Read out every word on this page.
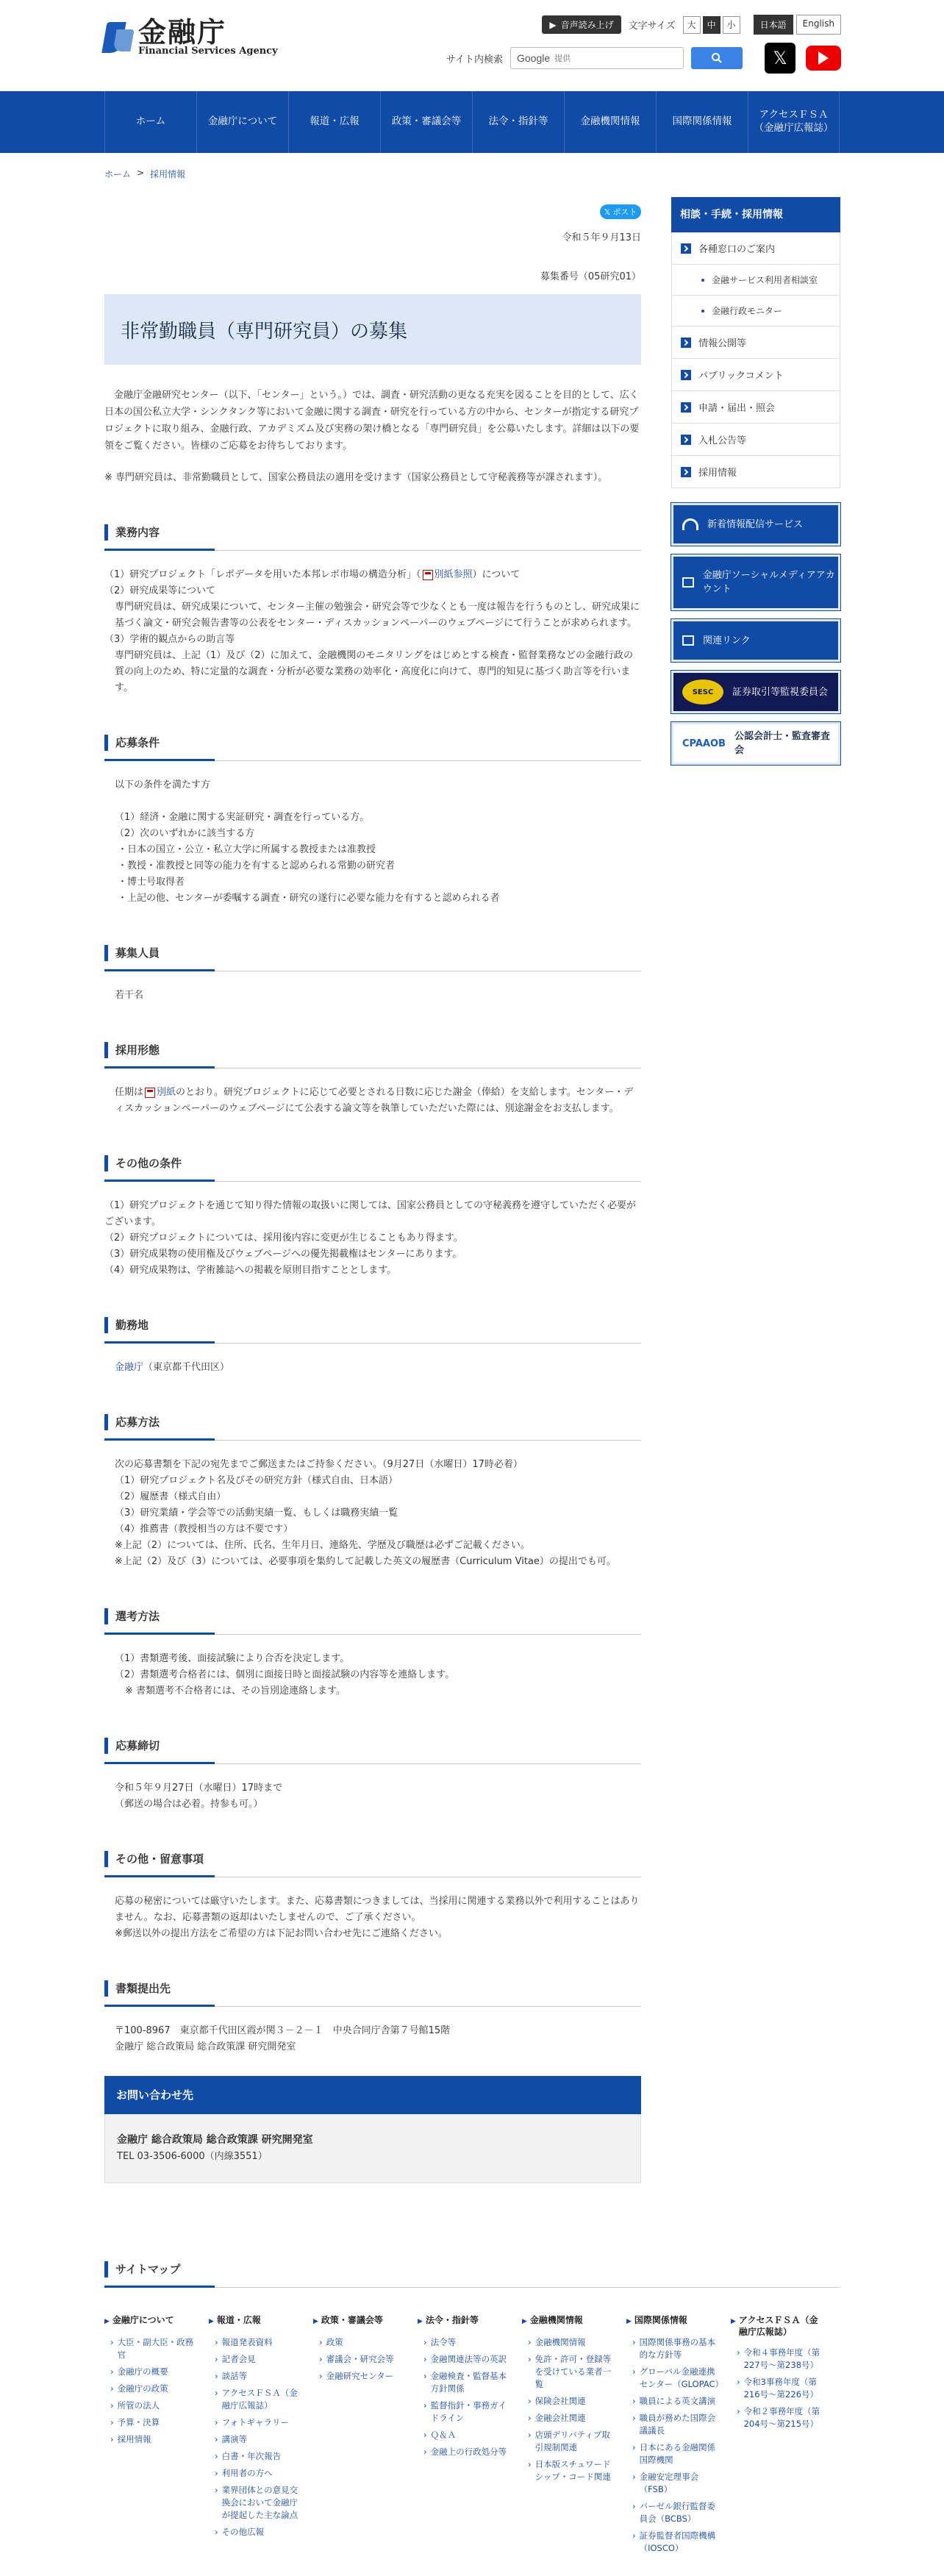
金融庁
Financial Services Agency
▶ 音声読み上げ 文字サイズ	大	中	小	日本語	English
サイト内検索 Google
提供	𝕏
ホーム	金融庁について	報道・広報	政策・審議会等	法令・指針等	金融機関情報	国際関係情報
アクセスＦＳＡ
（金融庁広報誌）
ホーム > 採用情報
𝕏 ポスト
令和５年９月13日
募集番号（05研究01）
非常勤職員（専門研究員）の募集

金融庁金融研究センター（以下、「センター」という。）では、調査・研究活動の更なる充実を図ることを目的として、広く日本の国公私立大学・シンクタンク等において金融に関する調査・研究を行っている方の中から、センターが指定する研究プロジェクトに取り組み、金融行政、アカデミズム及び実務の架け橋となる「専門研究員」を公募いたします。詳細は以下の要領をご覧ください。皆様のご応募をお待ちしております。

※ 専門研究員は、非常勤職員として、国家公務員法の適用を受けます（国家公務員として守秘義務等が課されます）。

業務内容

（1）研究プロジェクト「レポデータを用いた本邦レポ市場の構造分析」（ 別紙参照）について

（2）研究成果等について

専門研究員は、研究成果について、センター主催の勉強会・研究会等で少なくとも一度は報告を行うものとし、研究成果に基づく論文・研究会報告書等の公表をセンター・ディスカッションペーパーのウェブページにて行うことが求められます。

（3）学術的観点からの助言等

専門研究員は、上記（1）及び（2）に加えて、金融機関のモニタリングをはじめとする検査・監督業務などの金融行政の質の向上のため、特に定量的な調査・分析が必要な業務の効率化・高度化に向けて、専門的知見に基づく助言等を行います。

応募条件

以下の条件を満たす方

（1）経済・金融に関する実証研究・調査を行っている方。

（2）次のいずれかに該当する方

・日本の国立・公立・私立大学に所属する教授または准教授

・教授・准教授と同等の能力を有すると認められる常勤の研究者

・博士号取得者

・上記の他、センターが委嘱する調査・研究の遂行に必要な能力を有すると認められる者

募集人員

若干名

採用形態

任期は 別紙のとおり。研究プロジェクトに応じて必要とされる日数に応じた謝金（俸給）を支給します。センター・ディスカッションペーパーのウェブページにて公表する論文等を執筆していただいた際には、別途謝金をお支払します。

その他の条件

（1）研究プロジェクトを通じて知り得た情報の取扱いに関しては、国家公務員としての守秘義務を遵守していただく必要がございます。

（2）研究プロジェクトについては、採用後内容に変更が生じることもあり得ます。

（3）研究成果物の使用権及びウェブページへの優先掲載権はセンターにあります。

（4）研究成果物は、学術雑誌への掲載を原則目指すこととします。

勤務地

金融庁（東京都千代田区）

応募方法

次の応募書類を下記の宛先までご郵送またはご持参ください。（9月27日（水曜日）17時必着）

（1）研究プロジェクト名及びその研究方針（様式自由、日本語）

（2）履歴書（様式自由）

（3）研究業績・学会等での活動実績一覧、もしくは職務実績一覧

（4）推薦書（教授相当の方は不要です）

※上記（2）については、住所、氏名、生年月日、連絡先、学歴及び職歴は必ずご記載ください。

※上記（2）及び（3）については、必要事項を集約して記載した英文の履歴書（Curriculum Vitae）の提出でも可。

選考方法

（1）書類選考後、面接試験により合否を決定します。

（2）書類選考合格者には、個別に面接日時と面接試験の内容等を連絡します。

※ 書類選考不合格者には、その旨別途連絡します。

応募締切

令和５年９月27日（水曜日）17時まで

（郵送の場合は必着。持参も可。）

その他・留意事項

応募の秘密については厳守いたします。また、応募書類につきましては、当採用に関連する業務以外で利用することはありません。なお、応募書類の返却はいたしませんので、ご了承ください。

※郵送以外の提出方法をご希望の方は下記お問い合わせ先にご連絡ください。

書類提出先

〒100-8967　東京都千代田区霞が関３－２－１　中央合同庁舎第７号館15階

金融庁 総合政策局 総合政策課 研究開発室

お問い合わせ先

金融庁 総合政策局 総合政策課 研究開発室

TEL 03-3506-6000（内線3551）

相談・手続・採用情報
各種窓口のご案内
金融サービス利用者相談室
金融行政モニター
情報公開等
パブリックコメント
申請・届出・照会
入札公告等
採用情報
新着情報配信サービス
金融庁ソーシャルメディアアカウント
関連リンク
SESC	証券取引等監視委員会
CPAAOB
公認会計士・監査審査会
サイトマップ
▶ 金融庁について
› 大臣・副大臣・政務官
› 金融庁の概要
› 金融庁の政策
› 所管の法人
› 予算・決算
› 採用情報
▶ 報道・広報
› 報道発表資料
› 記者会見
› 談話等
› アクセスＦＳＡ（金融庁広報誌）
› フォトギャラリー
› 講演等
› 白書・年次報告
› 利用者の方へ
› 業界団体との意見交換会において金融庁が提起した主な論点
› その他広報
▶ 政策・審議会等
› 政策
› 審議会・研究会等
› 金融研究センター
▶ 法令・指針等
› 法令等
› 金融関連法等の英訳
› 金融検査・監督基本方針関係
› 監督指針・事務ガイドライン
› Ｑ＆Ａ
› 金融上の行政処分等
▶ 金融機関情報
› 金融機関情報
› 免許・許可・登録等を受けている業者一覧
› 保険会社関連
› 金融会社関連
› 店頭デリバティブ取引規制関連
› 日本版スチュワードシップ・コード関連
▶ 国際関係情報
› 国際関係事務の基本的な方針等
› グローバル金融連携センター（GLOPAC）
› 職員による英文講演
› 職員が務めた国際会議議長
› 日本にある金融関係国際機関
› 金融安定理事会（FSB）
› バーゼル銀行監督委員会（BCBS）
› 証券監督者国際機構（IOSCO）
▶ アクセスＦＳＡ（金融庁広報誌）
› 令和４事務年度（第227号～第238号）
› 令和3事務年度（第216号～第226号）
› 令和２事務年度（第204号～第215号）
